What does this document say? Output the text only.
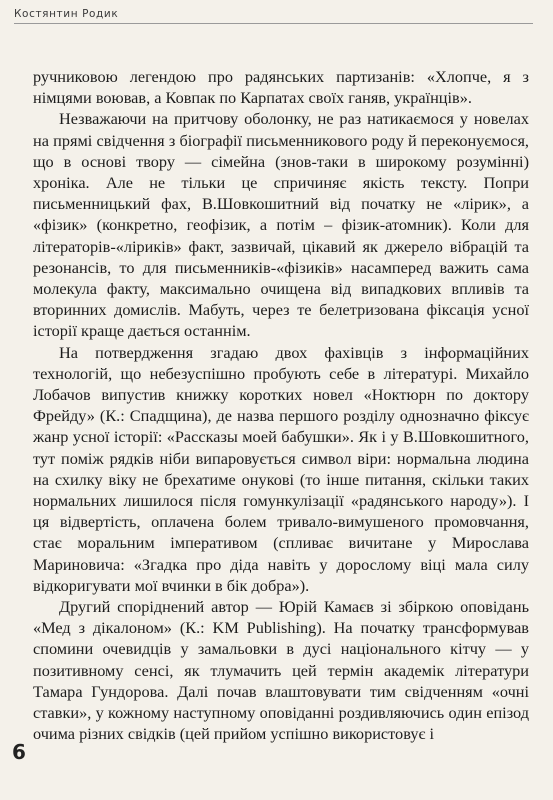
Костянтин Родик

ручниковою легендою про радянських партизанів: «Хлопче, я з німцями воював, а Ковпак по Карпатах своїх ганяв, українців».

Незважаючи на притчову оболонку, не раз натикаємося у новелах на прямі свідчення з біографії письменникового роду й переконуємося, що в основі твору — сімейна (знов-таки в широкому розумінні) хроніка. Але не тільки це спричиняє якість тексту. Попри письменницький фах, В.Шовкошитний від початку не «лірик», а «фізик» (конкретно, геофізик, а потім – фізик-атомник). Коли для літераторів-«ліриків» факт, зазвичай, цікавий як джерело вібрацій та резонансів, то для письменників-«фізиків» насамперед важить сама молекула факту, максимально очищена від випадкових впливів та вторинних домислів. Мабуть, через те белетризована фіксація усної історії краще дається останнім.

На потвердження згадаю двох фахівців з інформаційних технологій, що небезуспішно пробують себе в літературі. Михайло Лобачов випустив книжку коротких новел «Ноктюрн по доктору Фрейду» (К.: Спадщина), де назва першого розділу однозначно фіксує жанр усної історії: «Рассказы моей бабушки». Як і у В.Шовкошитного, тут поміж рядків ніби випаровується символ віри: нормальна людина на схилку віку не брехатиме онукові (то інше питання, скільки таких нормальних лишилося після гомункулізації «радянського народу»). І ця відвертість, оплачена болем тривало-вимушеного промовчання, стає моральним імперативом (спливає вичитане у Мирослава Мариновича: «Згадка про діда навіть у дорослому віці мала силу відкоригувати мої вчинки в бік добра»).

Другий споріднений автор — Юрій Камаєв зі збіркою оповідань «Мед з дікалоном» (К.: KM Publishing). На початку трансформував спомини очевидців у замальовки в дусі національного кітчу — у позитивному сенсі, як тлумачить цей термін академік літератури Тамара Гундорова. Далі почав влаштовувати тим свідченням «очні ставки», у кожному наступному оповіданні роздивляючись один епізод очима різних свідків (цей прийом успішно використовує і

6
